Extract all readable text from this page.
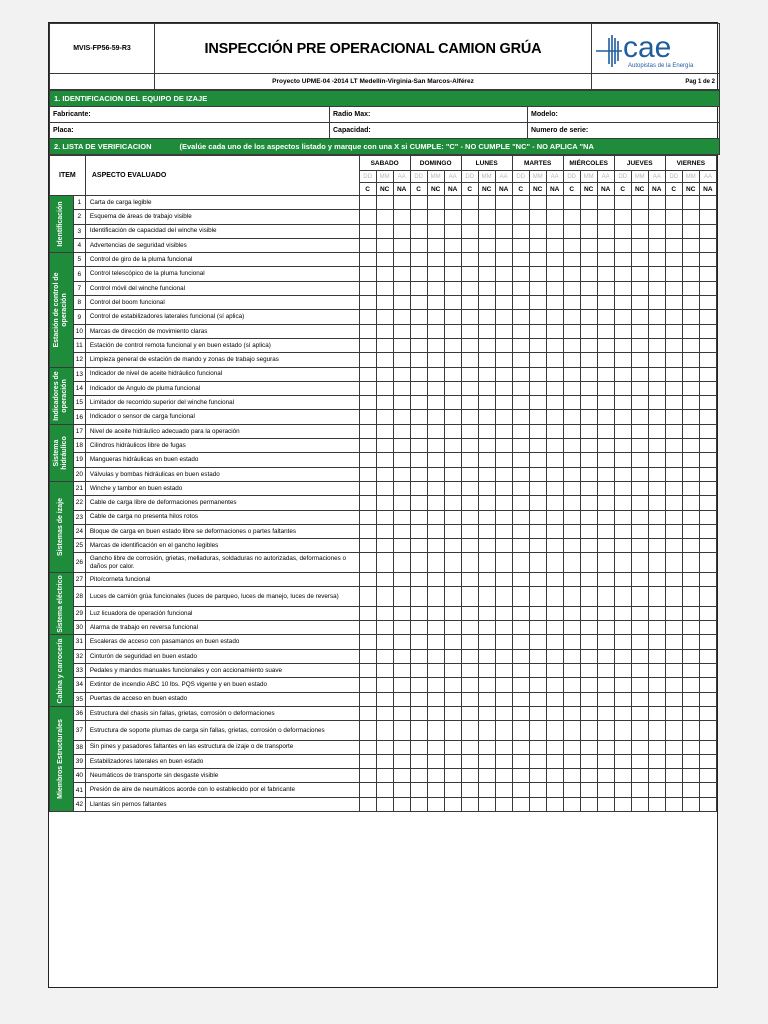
MVIS-FP56-59-R3	INSPECCIÓN PRE OPERACIONAL CAMION GRÚA	cae
Autopistas de la Energía

	Proyecto UPME-04 -2014 LT Medellín-Virginia-San Marcos-Alférez	Pag 1 de 2
1. IDENTIFICACION DEL EQUIPO DE IZAJE		
Fabricante:	Radio Max:	Modelo:
Placa:	Capacidad:	Numero de serie:
2. LISTA DE VERIFICACION (Evalúe cada uno de los aspectos listado y marque con una X si CUMPLE: "C" - NO CUMPLE "NC" - NO APLICA "NA		
ITEM		ASPECTO EVALUADO	SABADO			DOMINGO			LUNES			MARTES			MIÉRCOLES			JUEVES			VIERNES		
			DD	MM	AA	DD	MM	AA	DD	MM	AA	DD	MM	AA	DD	MM	AA	DD	MM	AA	DD	MM	AA
			C	NC	NA	C	NC	NA	C	NC	NA	C	NC	NA	C	NC	NA	C	NC	NA	C	NC	NA

Identificación	1	Carta de carga legible																					
	2	Esquema de áreas de trabajo visible																					
	3	Identificación de capacidad del winche visible																					
	4	Advertencias de seguridad visibles																					

Estación de control de operación	5	Control de giro de la pluma funcional																					
	6	Control telescópico de la pluma funcional																					
	7	Control móvil del winche funcional																					
	8	Control del boom funcional																					
	9	Control de estabilizadores laterales funcional (sí aplica)																					
	10	Marcas de dirección de movimiento claras																					
	11	Estación de control remota funcional y en buen estado (sí aplica)																					
	12	Limpieza general de estación de mando y zonas de trabajo seguras																					

Indicadores de operación	13	Indicador de nivel de aceite hidráulico funcional																					
	14	Indicador de Angulo de pluma funcional																					
	15	Limitador de recorrido superior del winche funcional																					
	16	Indicador o sensor de carga funcional																					

Sistema hidráulico	17	Nivel de aceite hidráulico adecuado para la operación																					
	18	Cilindros hidráulicos libre de fugas																					
	19	Mangueras hidráulicas en buen estado																					
	20	Válvulas y bombas hidráulicas en buen estado																					

Sistemas de izaje	21	Winche y tambor en buen estado																					
	22	Cable de carga libre de deformaciones permanentes																					
	23	Cable de carga no presenta hilos rotos																					
	24	Bloque de carga en buen estado libre se deformaciones o partes faltantes																					
	25	Marcas de identificación en el gancho legibles																					
	26	Gancho libre de corrosión, grietas, melladuras, soldaduras no autorizadas, deformaciones o daños por calor.																					

Sistema eléctrico	27	Pito/corneta funcional																					
	28	Luces de camión grúa funcionales (luces de parqueo, luces de manejo, luces de reversa)																					
	29	Luz licuadora de operación funcional																					
	30	Alarma de trabajo en reversa funcional																					

Cabina y carrocería	31	Escaleras de acceso con pasamanos en buen estado																					
	32	Cinturón de seguridad en buen estado																					
	33	Pedales y mandos manuales funcionales y con accionamiento suave																					
	34	Extintor de incendio ABC 10 lbs. PQS vigente y en buen estado																					
	35	Puertas de acceso en buen estado																					

Miembros Estructurales	36	Estructura del chasis sin fallas, grietas, corrosión o deformaciones																					
	37	Estructura de soporte plumas de carga sin fallas, grietas, corrosión o deformaciones																					
	38	Sin pines y pasadores faltantes en las estructura de izaje o de transporte																					
	39	Estabilizadores laterales en buen estado																					
	40	Neumáticos de transporte sin desgaste visible																					
	41	Presión de aire de neumáticos acorde con lo establecido por el fabricante																					
	42	Llantas sin pernos faltantes																					
